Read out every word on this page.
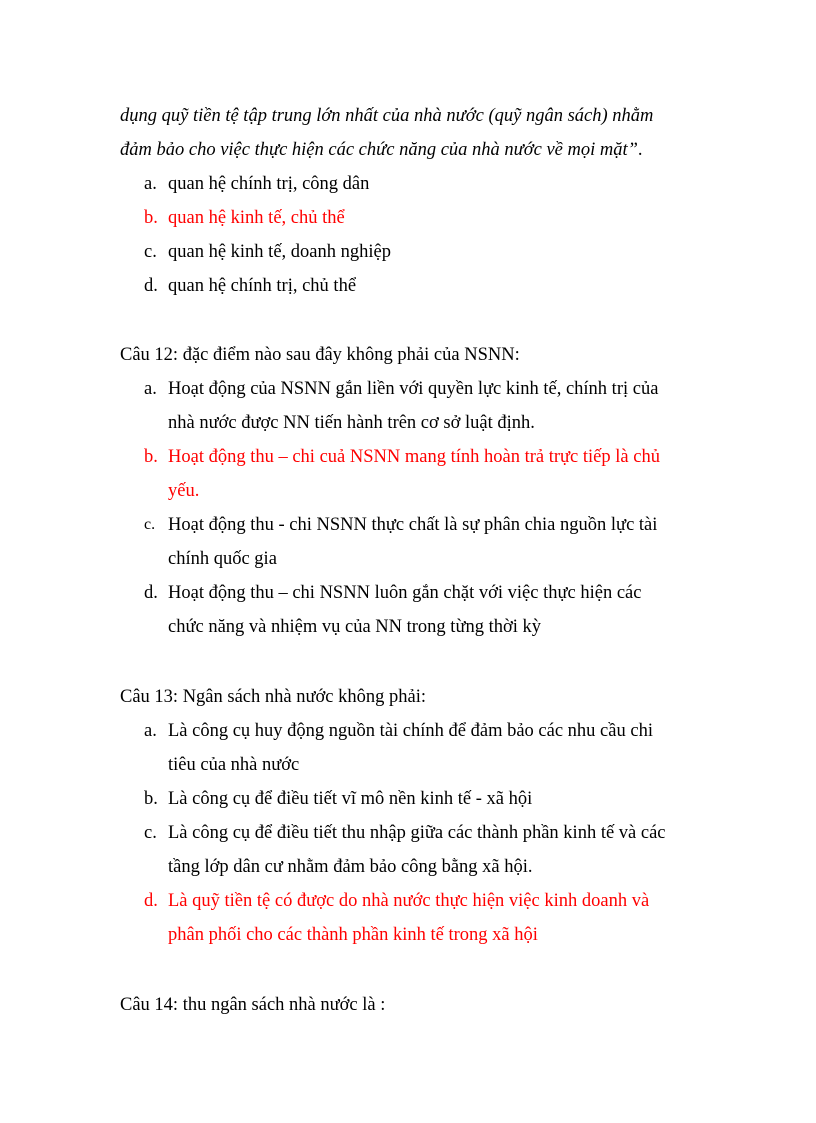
dụng quỹ tiền tệ tập trung lớn nhất của nhà nước (quỹ ngân sách) nhằm
đảm bảo cho việc thực hiện các chức năng của nhà nước về mọi mặt”.
a. quan hệ chính trị, công dân
b. quan hệ kinh tế, chủ thể
c. quan hệ kinh tế, doanh nghiệp
d. quan hệ chính trị, chủ thể
Câu 12: đặc điểm nào sau đây không phải của NSNN:
a. Hoạt động của NSNN gắn liền với quyền lực kinh tế, chính trị của
nhà nước được NN tiến hành trên cơ sở luật định.
b. Hoạt động thu – chi cuả NSNN mang tính hoàn trả trực tiếp là chủ
yếu.
c. Hoạt động thu - chi NSNN thực chất là sự phân chia nguồn lực tài
chính quốc gia
d. Hoạt động thu – chi NSNN luôn gắn chặt với việc thực hiện các
chức năng và nhiệm vụ của NN trong từng thời kỳ
Câu 13: Ngân sách nhà nước không phải:
a. Là công cụ huy động nguồn tài chính để đảm bảo các nhu cầu chi
tiêu của nhà nước
b. Là công cụ để điều tiết vĩ mô nền kinh tế - xã hội
c. Là công cụ để điều tiết thu nhập giữa các thành phần kinh tế và các
tầng lớp dân cư nhằm đảm bảo công bằng xã hội.
d. Là quỹ tiền tệ có được do nhà nước thực hiện việc kinh doanh và
phân phối cho các thành phần kinh tế trong xã hội
Câu 14: thu ngân sách nhà nước là :
